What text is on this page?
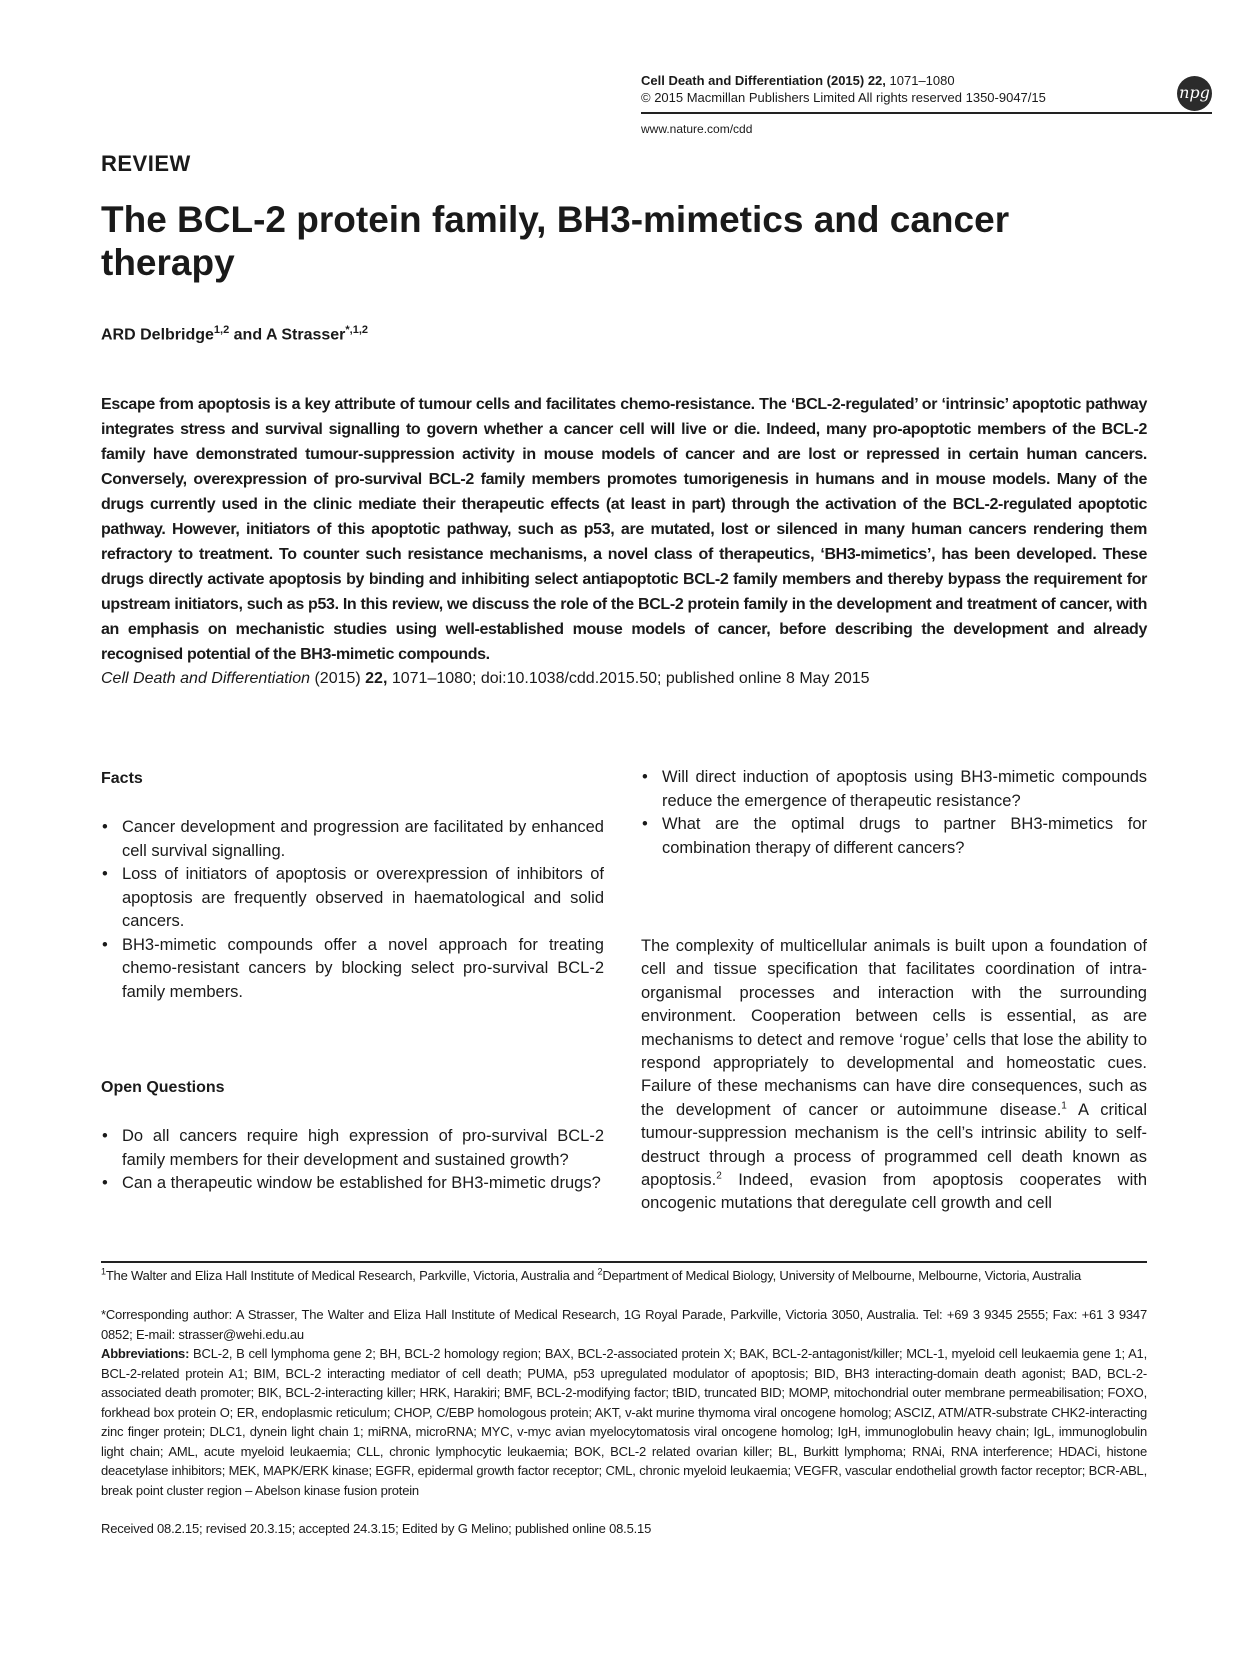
Cell Death and Differentiation (2015) 22, 1071–1080
© 2015 Macmillan Publishers Limited All rights reserved 1350-9047/15
www.nature.com/cdd
npg
REVIEW
The BCL-2 protein family, BH3-mimetics and cancer therapy
ARD Delbridge$^{1,2}$ and A Strasser$^{*,1,2}$
Escape from apoptosis is a key attribute of tumour cells and facilitates chemo-resistance. The ‘BCL-2-regulated’ or ‘intrinsic’ apoptotic pathway integrates stress and survival signalling to govern whether a cancer cell will live or die. Indeed, many pro-apoptotic members of the BCL-2 family have demonstrated tumour-suppression activity in mouse models of cancer and are lost or repressed in certain human cancers. Conversely, overexpression of pro-survival BCL-2 family members promotes tumorigenesis in humans and in mouse models. Many of the drugs currently used in the clinic mediate their therapeutic effects (at least in part) through the activation of the BCL-2-regulated apoptotic pathway. However, initiators of this apoptotic pathway, such as p53, are mutated, lost or silenced in many human cancers rendering them refractory to treatment. To counter such resistance mechanisms, a novel class of therapeutics, ‘BH3-mimetics’, has been developed. These drugs directly activate apoptosis by binding and inhibiting select antiapoptotic BCL-2 family members and thereby bypass the requirement for upstream initiators, such as p53. In this review, we discuss the role of the BCL-2 protein family in the development and treatment of cancer, with an emphasis on mechanistic studies using well-established mouse models of cancer, before describing the development and already recognised potential of the BH3-mimetic compounds.
Cell Death and Differentiation (2015) 22, 1071–1080; doi:10.1038/cdd.2015.50; published online 8 May 2015
Facts
• Cancer development and progression are facilitated by enhanced cell survival signalling.
• Loss of initiators of apoptosis or overexpression of inhibitors of apoptosis are frequently observed in haematological and solid cancers.
• BH3-mimetic compounds offer a novel approach for treating chemo-resistant cancers by blocking select pro-survival BCL-2 family members.
Open Questions
• Do all cancers require high expression of pro-survival BCL-2 family members for their development and sustained growth?
• Can a therapeutic window be established for BH3-mimetic drugs?
• Will direct induction of apoptosis using BH3-mimetic compounds reduce the emergence of therapeutic resistance?
• What are the optimal drugs to partner BH3-mimetics for combination therapy of different cancers?
The complexity of multicellular animals is built upon a foundation of cell and tissue specification that facilitates coordination of intra-organismal processes and interaction with the surrounding environment. Cooperation between cells is essential, as are mechanisms to detect and remove ‘rogue’ cells that lose the ability to respond appropriately to developmental and homeostatic cues. Failure of these mechanisms can have dire consequences, such as the development of cancer or autoimmune disease.$^1$ A critical tumour-suppression mechanism is the cell’s intrinsic ability to self-destruct through a process of programmed cell death known as apoptosis.$^2$ Indeed, evasion from apoptosis cooperates with oncogenic mutations that deregulate cell growth and cell
$^1$The Walter and Eliza Hall Institute of Medical Research, Parkville, Victoria, Australia and $^2$Department of Medical Biology, University of Melbourne, Melbourne, Victoria, Australia
*Corresponding author: A Strasser, The Walter and Eliza Hall Institute of Medical Research, 1G Royal Parade, Parkville, Victoria 3050, Australia. Tel: +69 3 9345 2555; Fax: +61 3 9347 0852; E-mail: strasser@wehi.edu.au
Abbreviations: BCL-2, B cell lymphoma gene 2; BH, BCL-2 homology region; BAX, BCL-2-associated protein X; BAK, BCL-2-antagonist/killer; MCL-1, myeloid cell leukaemia gene 1; A1, BCL-2-related protein A1; BIM, BCL-2 interacting mediator of cell death; PUMA, p53 upregulated modulator of apoptosis; BID, BH3 interacting-domain death agonist; BAD, BCL-2-associated death promoter; BIK, BCL-2-interacting killer; HRK, Harakiri; BMF, BCL-2-modifying factor; tBID, truncated BID; MOMP, mitochondrial outer membrane permeabilisation; FOXO, forkhead box protein O; ER, endoplasmic reticulum; CHOP, C/EBP homologous protein; AKT, v-akt murine thymoma viral oncogene homolog; ASCIZ, ATM/ATR-substrate CHK2-interacting zinc finger protein; DLC1, dynein light chain 1; miRNA, microRNA; MYC, v-myc avian myelocytomatosis viral oncogene homolog; IgH, immunoglobulin heavy chain; IgL, immunoglobulin light chain; AML, acute myeloid leukaemia; CLL, chronic lymphocytic leukaemia; BOK, BCL-2 related ovarian killer; BL, Burkitt lymphoma; RNAi, RNA interference; HDACi, histone deacetylase inhibitors; MEK, MAPK/ERK kinase; EGFR, epidermal growth factor receptor; CML, chronic myeloid leukaemia; VEGFR, vascular endothelial growth factor receptor; BCR-ABL, break point cluster region – Abelson kinase fusion protein
Received 08.2.15; revised 20.3.15; accepted 24.3.15; Edited by G Melino; published online 08.5.15
